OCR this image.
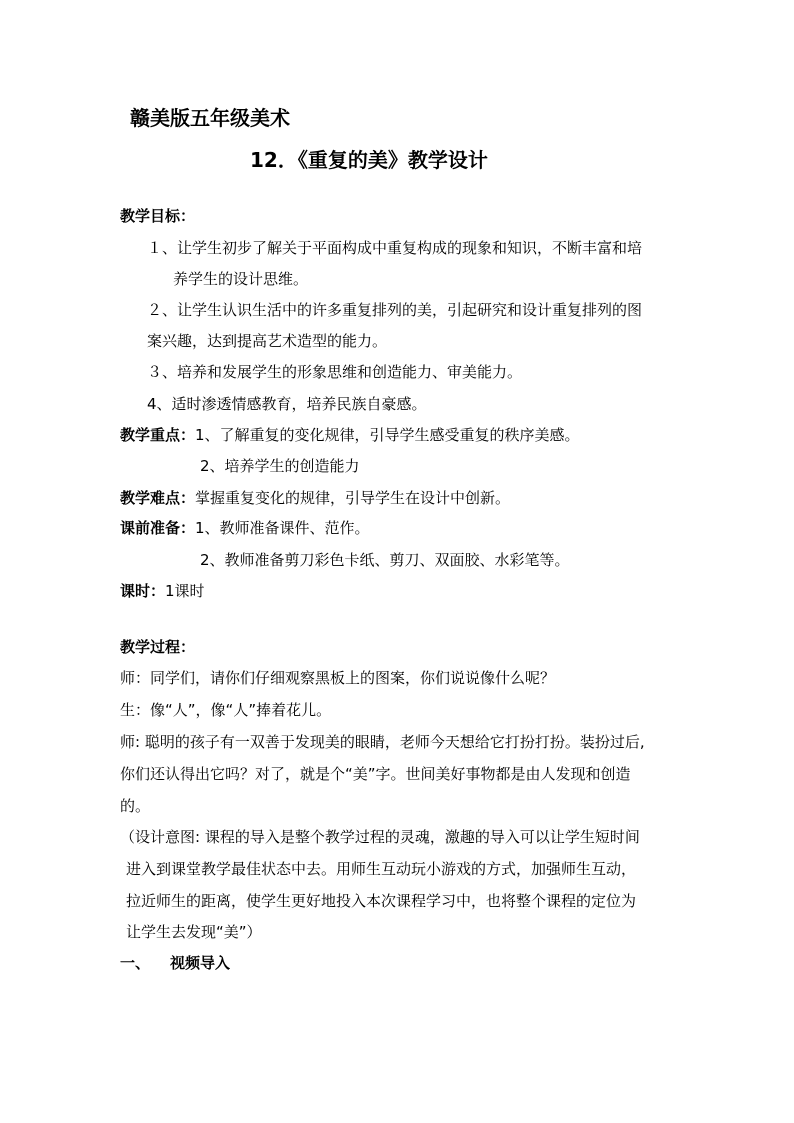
赣美版五年级美术
12．《重复的美》教学设计
教学目标：
１、让学生初步了解关于平面构成中重复构成的现象和知识，不断丰富和培
养学生的设计思维。
２、让学生认识生活中的许多重复排列的美，引起研究和设计重复排列的图
案兴趣，达到提高艺术造型的能力。
３、培养和发展学生的形象思维和创造能力、审美能力。
4、适时渗透情感教育，培养民族自豪感。
教学重点：1、了解重复的变化规律，引导学生感受重复的秩序美感。
2、培养学生的创造能力
教学难点：掌握重复变化的规律，引导学生在设计中创新。
课前准备：1、教师准备课件、范作。
2、教师准备剪刀彩色卡纸、剪刀、双面胶、水彩笔等。
课时：1课时
教学过程：
师：同学们，请你们仔细观察黑板上的图案，你们说说像什么呢？
生：像“人”，像“人”捧着花儿。
师: 聪明的孩子有一双善于发现美的眼睛，老师今天想给它打扮打扮。装扮过后,
你们还认得出它吗？对了，就是个“美”字。世间美好事物都是由人发现和创造
的。
（设计意图: 课程的导入是整个教学过程的灵魂，激趣的导入可以让学生短时间
进入到课堂教学最佳状态中去。用师生互动玩小游戏的方式，加强师生互动，
拉近师生的距离，使学生更好地投入本次课程学习中，也将整个课程的定位为
让学生去发现“美”）
一、 视频导入
